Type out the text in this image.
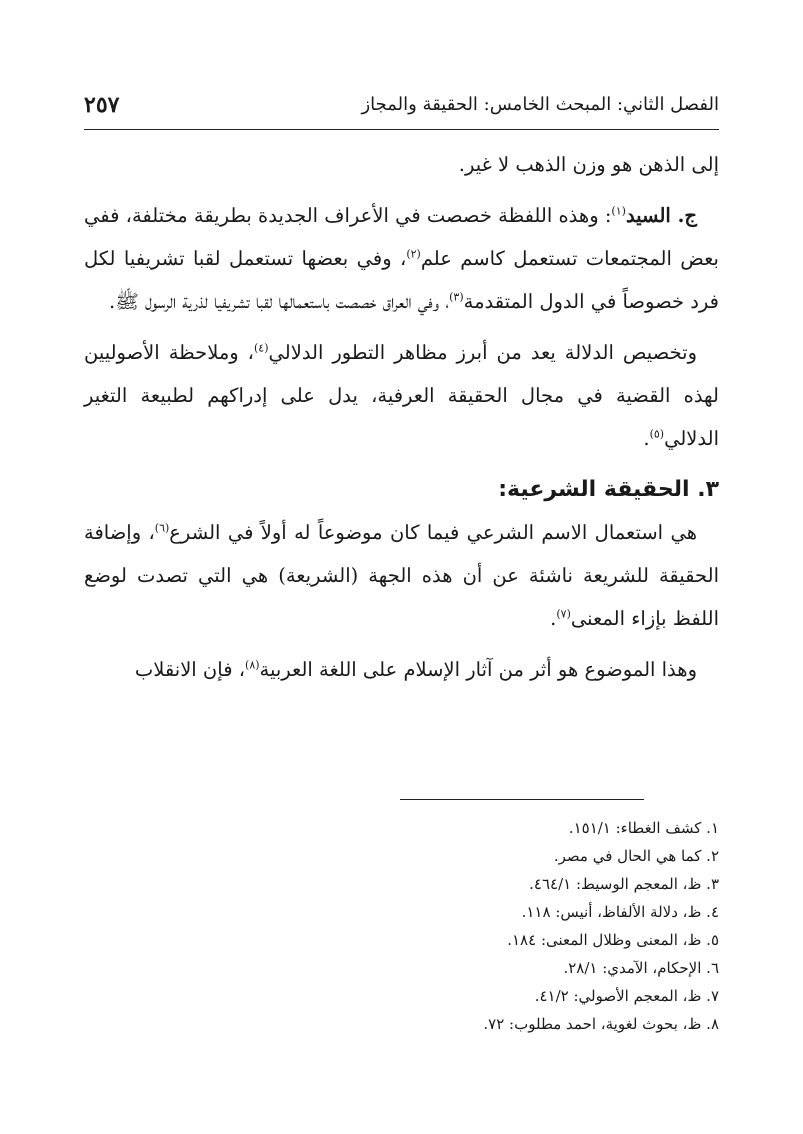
الفصل الثاني: المبحث الخامس: الحقيقة والمجاز
٢٥٧

إلى الذهن هو وزن الذهب لا غير.

ج. السيد$^{(١)}$: وهذه اللفظة خصصت في الأعراف الجديدة بطريقة مختلفة، ففي بعض المجتمعات تستعمل كاسم علم$^{(٢)}$، وفي بعضها تستعمل لقبا تشريفيا لكل فرد خصوصاً في الدول المتقدمة$^{(٣)}$، وفي العراق خصصت باستعمالها لقبا تشريفيا لذرية الرسول ﷺ.

وتخصيص الدلالة يعد من أبرز مظاهر التطور الدلالي$^{(٤)}$، وملاحظة الأصوليين لهذه القضية في مجال الحقيقة العرفية، يدل على إدراكهم لطبيعة التغير الدلالي$^{(٥)}$.

٣. الحقيقة الشرعية:

هي استعمال الاسم الشرعي فيما كان موضوعاً له أولاً في الشرع$^{(٦)}$، وإضافة الحقيقة للشريعة ناشئة عن أن هذه الجهة (الشريعة) هي التي تصدت لوضع اللفظ بإزاء المعنى$^{(٧)}$.

وهذا الموضوع هو أثر من آثار الإسلام على اللغة العربية$^{(٨)}$، فإن الانقلاب

١. كشف الغطاء: ١٥١/١.
٢. كما هي الحال في مصر.
٣. ظ، المعجم الوسيط: ٤٦٤/١.
٤. ظ، دلالة الألفاظ، أنيس: ١١٨.
٥. ظ، المعنى وظلال المعنى: ١٨٤.
٦. الإحكام، الآمدي: ٢٨/١.
٧. ظ، المعجم الأصولي: ٤١/٢.
٨. ظ، بحوث لغوية، احمد مطلوب: ٧٢.
